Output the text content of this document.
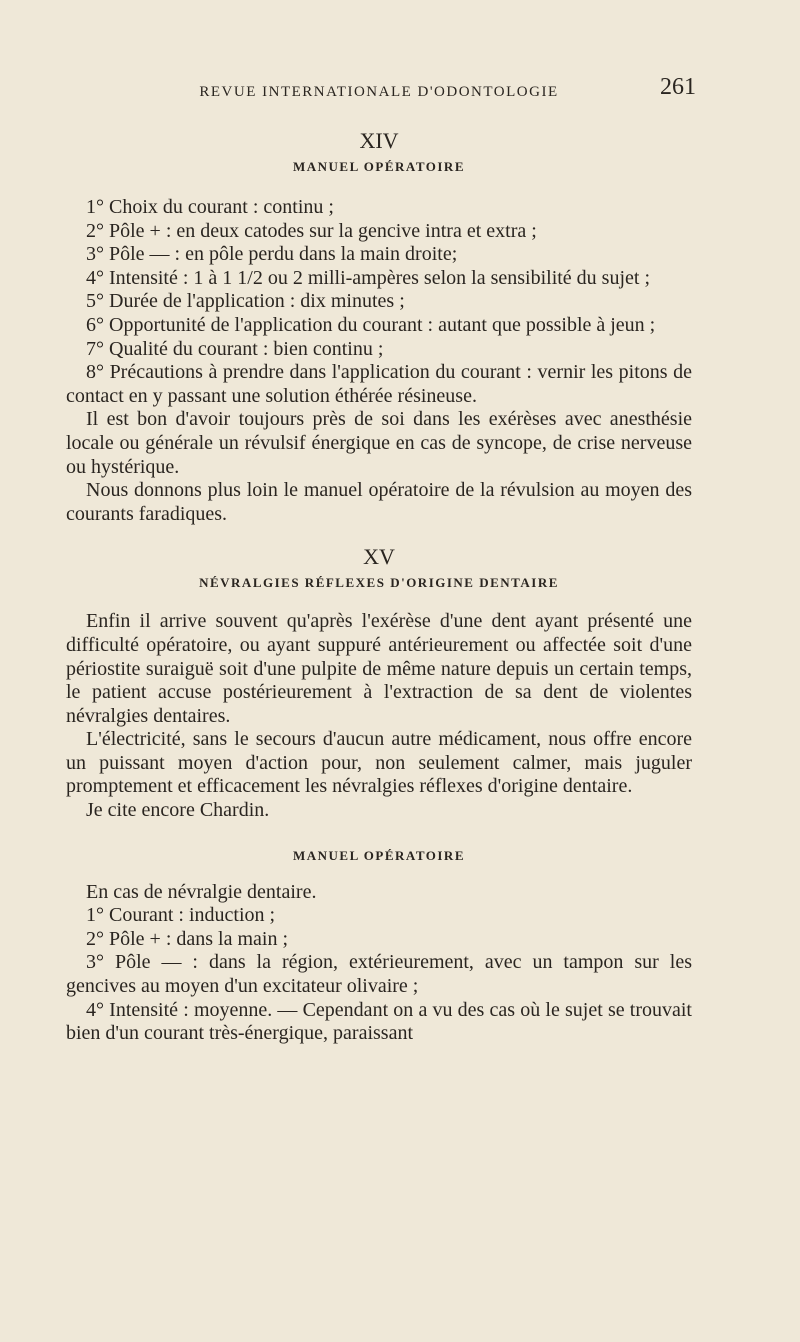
REVUE INTERNATIONALE D'ODONTOLOGIE	261
XIV
MANUEL OPÉRATOIRE

1° Choix du courant : continu ;

2° Pôle + : en deux catodes sur la gencive intra et extra ;

3° Pôle — : en pôle perdu dans la main droite;

4° Intensité : 1 à 1 1/2 ou 2 milli-ampères selon la sensibilité du sujet ;

5° Durée de l'application : dix minutes ;

6° Opportunité de l'application du courant : autant que possible à jeun ;

7° Qualité du courant : bien continu ;

8° Précautions à prendre dans l'application du courant : vernir les pitons de contact en y passant une solution éthérée résineuse.

Il est bon d'avoir toujours près de soi dans les exérèses avec anesthésie locale ou générale un révulsif énergique en cas de syncope, de crise nerveuse ou hystérique.

Nous donnons plus loin le manuel opératoire de la révulsion au moyen des courants faradiques.

XV
NÉVRALGIES RÉFLEXES D'ORIGINE DENTAIRE

Enfin il arrive souvent qu'après l'exérèse d'une dent ayant présenté une difficulté opératoire, ou ayant suppuré antérieurement ou affectée soit d'une périostite suraiguë soit d'une pulpite de même nature depuis un certain temps, le patient accuse postérieurement à l'extraction de sa dent de violentes névralgies dentaires.

L'électricité, sans le secours d'aucun autre médicament, nous offre encore un puissant moyen d'action pour, non seulement calmer, mais juguler promptement et efficacement les névralgies réflexes d'origine dentaire.

Je cite encore Chardin.

MANUEL OPÉRATOIRE

En cas de névralgie dentaire.

1° Courant : induction ;

2° Pôle + : dans la main ;

3° Pôle — : dans la région, extérieurement, avec un tampon sur les gencives au moyen d'un excitateur olivaire ;

4° Intensité : moyenne. — Cependant on a vu des cas où le sujet se trouvait bien d'un courant très-énergique, paraissant
